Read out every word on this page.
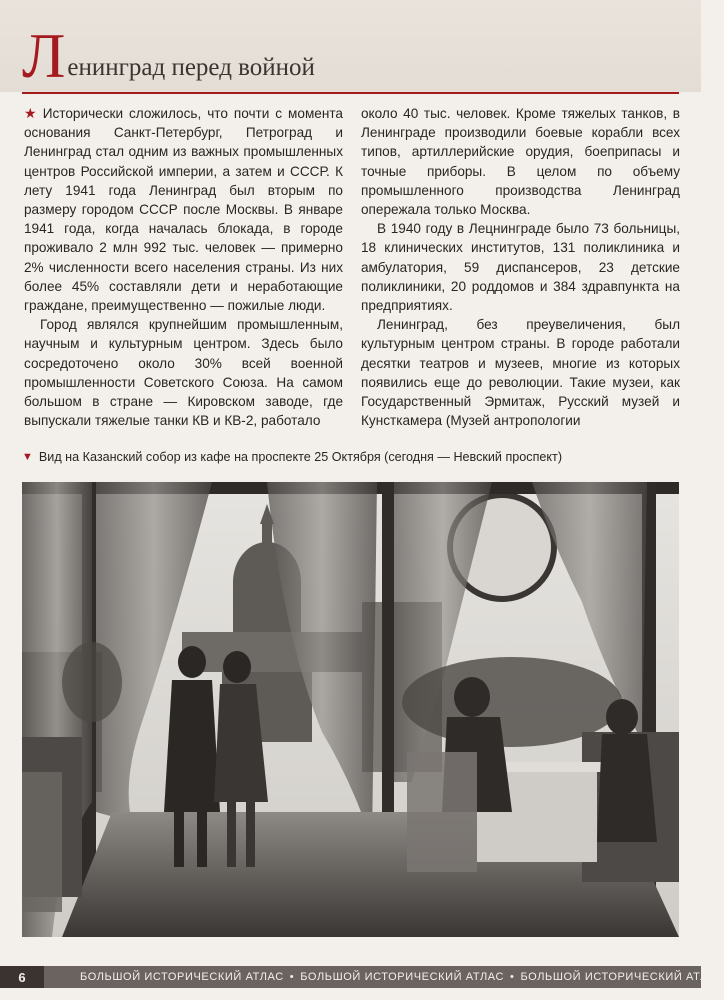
Л енинград перед войной

★ Исторически сложилось, что почти с момента основания Санкт-Петербург, Петроград и Ленинград стал одним из важных промышленных центров Российской империи, а затем и СССР. К лету 1941 года Ленинград был вторым по размеру городом СССР после Москвы. В январе 1941 года, когда началась блокада, в городе проживало 2 млн 992 тыс. человек — примерно 2% численности всего населения страны. Из них более 45% составляли дети и неработающие граждане, преимущественно — пожилые люди.

Город являлся крупнейшим промышленным, научным и культурным центром. Здесь было сосредоточено около 30% всей военной промышленности Советского Союза. На самом большом в стране — Кировском заводе, где выпускали тяжелые танки КВ и КВ-2, работало

около 40 тыс. человек. Кроме тяжелых танков, в Ленинграде производили боевые корабли всех типов, артиллерийские орудия, боеприпасы и точные приборы. В целом по объему промышленного производства Ленинград опережала только Москва.

В 1940 году в Лецнинграде было 73 больницы, 18 клинических институтов, 131 поликлиника и амбулатория, 59 диспансеров, 23 детские поликлиники, 20 роддомов и 384 здравпункта на предприятиях.

Ленинград, без преувеличения, был культурным центром страны. В городе работали десятки театров и музеев, многие из которых появились еще до революции. Такие музеи, как Государственный Эрмитаж, Русский музей и Кунсткамера (Музей антропологии

▼ Вид на Казанский собор из кафе на проспекте 25 Октября (сегодня — Невский проспект)
6	БОЛЬШОЙ ИСТОРИЧЕСКИЙ АТЛАС • БОЛЬШОЙ ИСТОРИЧЕСКИЙ АТЛАС • БОЛЬШОЙ ИСТОРИЧЕСКИЙ АТЛАС
